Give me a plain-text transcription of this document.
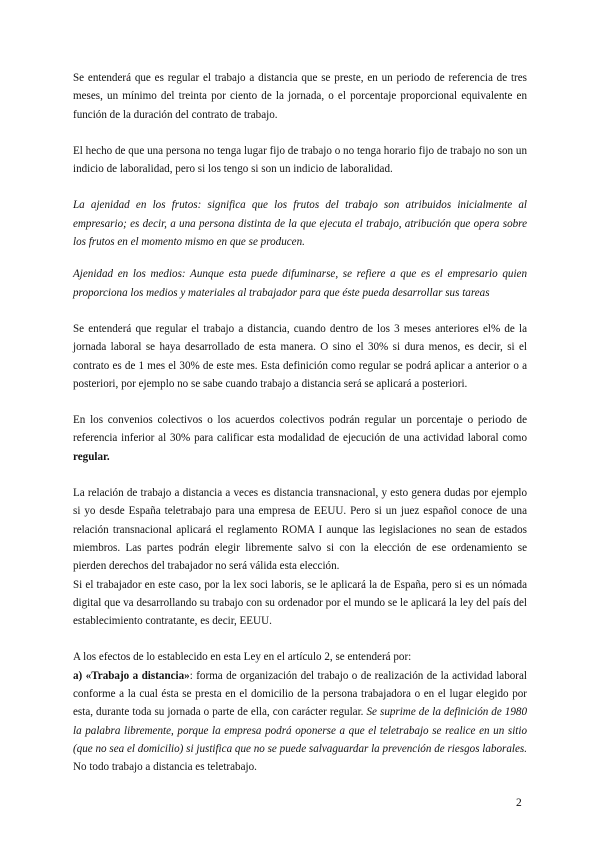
Se entenderá que es regular el trabajo a distancia que se preste, en un periodo de referencia de tres meses, un mínimo del treinta por ciento de la jornada, o el porcentaje proporcional equivalente en función de la duración del contrato de trabajo.

El hecho de que una persona no tenga lugar fijo de trabajo o no tenga horario fijo de trabajo no son un indicio de laboralidad, pero si los tengo si son un indicio de laboralidad.

La ajenidad en los frutos: significa que los frutos del trabajo son atribuidos inicialmente al empresario; es decir, a una persona distinta de la que ejecuta el trabajo, atribución que opera sobre los frutos en el momento mismo en que se producen.

Ajenidad en los medios: Aunque esta puede difuminarse, se refiere a que es el empresario quien proporciona los medios y materiales al trabajador para que éste pueda desarrollar sus tareas

Se entenderá que regular el trabajo a distancia, cuando dentro de los 3 meses anteriores el% de la jornada laboral se haya desarrollado de esta manera. O sino el 30% si dura menos, es decir, si el contrato es de 1 mes el 30% de este mes. Esta definición como regular se podrá aplicar a anterior o a posteriori, por ejemplo no se sabe cuando trabajo a distancia será se aplicará a posteriori.

En los convenios colectivos o los acuerdos colectivos podrán regular un porcentaje o periodo de referencia inferior al 30% para calificar esta modalidad de ejecución de una actividad laboral como regular.

La relación de trabajo a distancia a veces es distancia transnacional, y esto genera dudas por ejemplo si yo desde España teletrabajo para una empresa de EEUU. Pero si un juez español conoce de una relación transnacional aplicará el reglamento ROMA I aunque las legislaciones no sean de estados miembros. Las partes podrán elegir libremente salvo si con la elección de ese ordenamiento se pierden derechos del trabajador no será válida esta elección.

Si el trabajador en este caso, por la lex soci laboris, se le aplicará la de España, pero si es un nómada digital que va desarrollando su trabajo con su ordenador por el mundo se le aplicará la ley del país del establecimiento contratante, es decir, EEUU.

A los efectos de lo establecido en esta Ley en el artículo 2, se entenderá por:

a) «Trabajo a distancia»: forma de organización del trabajo o de realización de la actividad laboral conforme a la cual ésta se presta en el domicilio de la persona trabajadora o en el lugar elegido por esta, durante toda su jornada o parte de ella, con carácter regular. Se suprime de la definición de 1980 la palabra libremente, porque la empresa podrá oponerse a que el teletrabajo se realice en un sitio (que no sea el domicilio) si justifica que no se puede salvaguardar la prevención de riesgos laborales. No todo trabajo a distancia es teletrabajo.

2
